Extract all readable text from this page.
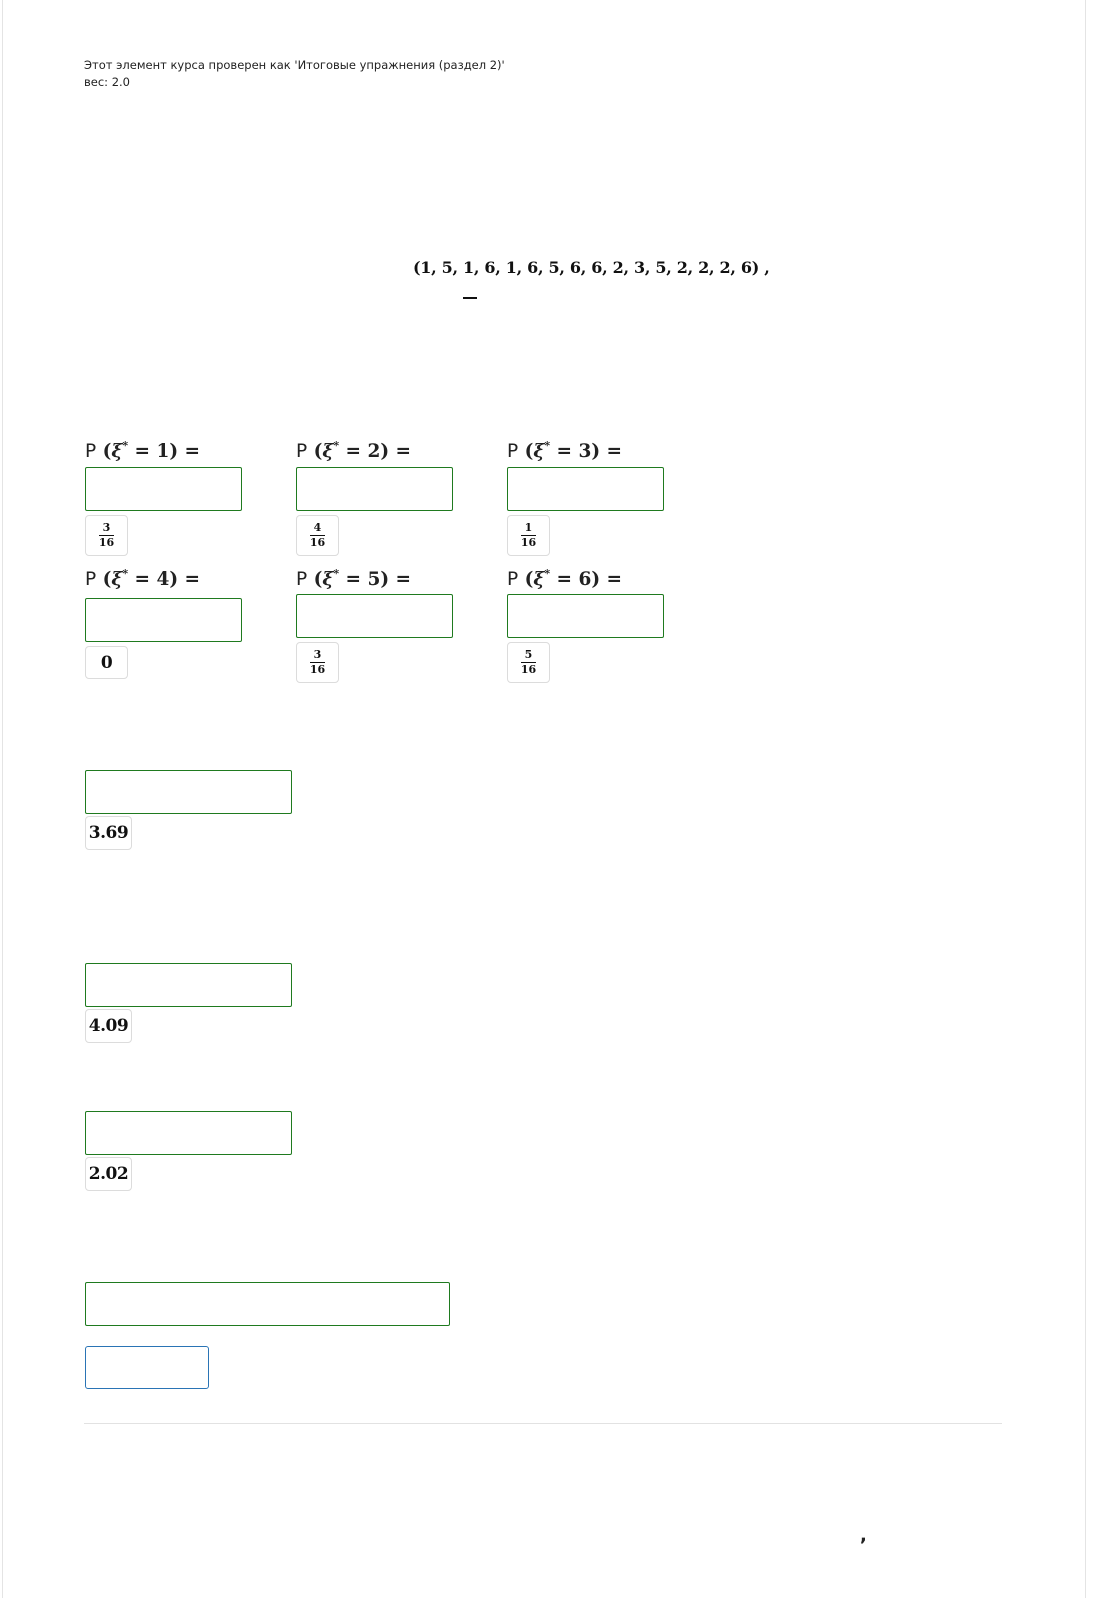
Этот элемент курса проверен как 'Итоговые упражнения (раздел 2)'
вес: 2.0
(1, 5, 1, 6, 1, 6, 5, 6, 6, 2, 3, 5, 2, 2, 2, 6) ,
P (ξ* = 1) =	P (ξ* = 2) =	P (ξ* = 3) =
$\frac{3}{16}$	$\frac{4}{16}$	$\frac{1}{16}$
P (ξ* = 4) =	P (ξ* = 5) =	P (ξ* = 6) =
0	$\frac{3}{16}$	$\frac{5}{16}$
3.69
4.09
2.02
,
